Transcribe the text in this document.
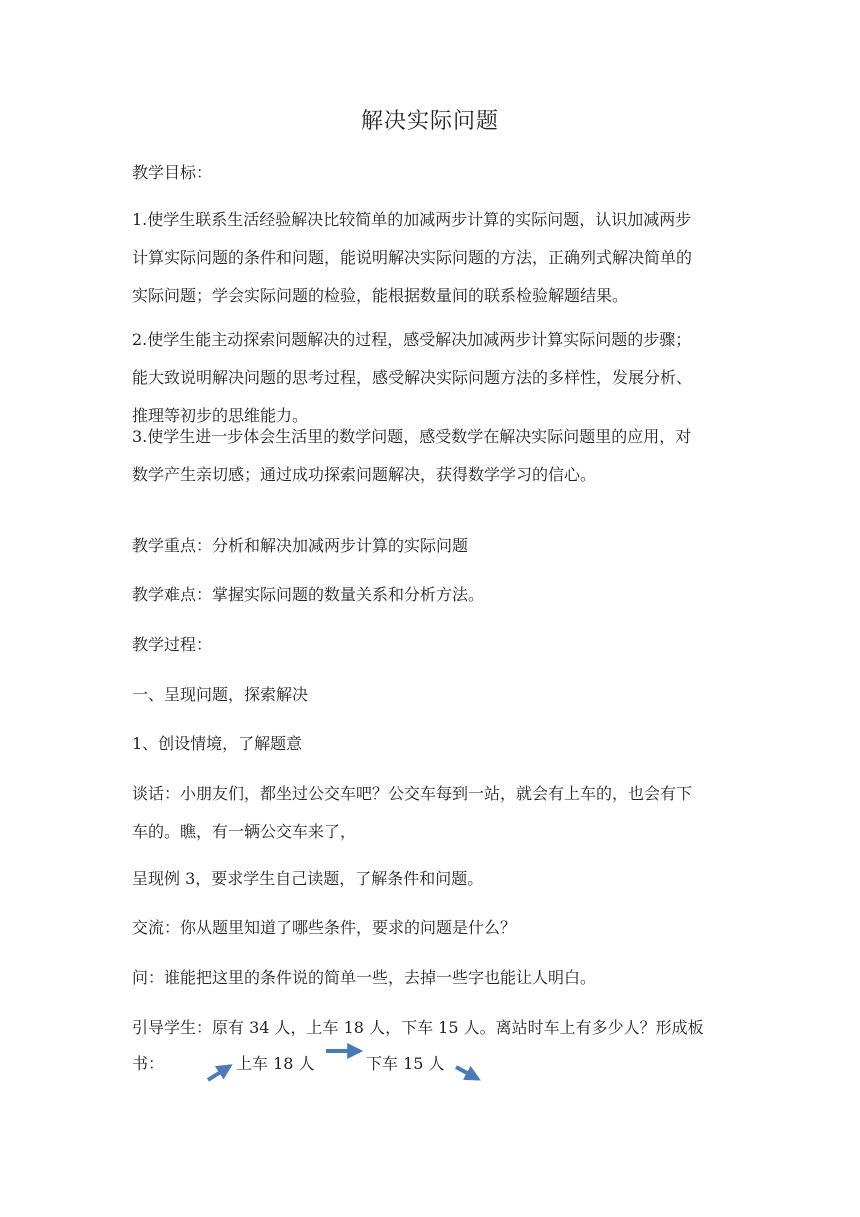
解决实际问题

教学目标：

1.使学生联系生活经验解决比较简单的加减两步计算的实际问题，认识加减两步
计算实际问题的条件和问题，能说明解决实际问题的方法，正确列式解决简单的
实际问题；学会实际问题的检验，能根据数量间的联系检验解题结果。
2.使学生能主动探索问题解决的过程，感受解决加减两步计算实际问题的步骤；
能大致说明解决问题的思考过程，感受解决实际问题方法的多样性，发展分析、
推理等初步的思维能力。
3.使学生进一步体会生活里的数学问题，感受数学在解决实际问题里的应用，对
数学产生亲切感；通过成功探索问题解决，获得数学学习的信心。

教学重点：分析和解决加减两步计算的实际问题

教学难点：掌握实际问题的数量关系和分析方法。

教学过程：

一、呈现问题，探索解决

1、创设情境，了解题意

谈话：小朋友们，都坐过公交车吧？公交车每到一站，就会有上车的，也会有下
车的。瞧，有一辆公交车来了，

呈现例 3，要求学生自己读题，了解条件和问题。

交流：你从题里知道了哪些条件，要求的问题是什么？

问：谁能把这里的条件说的简单一些，去掉一些字也能让人明白。

引导学生：原有 34 人，上车 18 人，下车 15 人。离站时车上有多少人？形成板
书：	上车 18 人	下车 15 人
